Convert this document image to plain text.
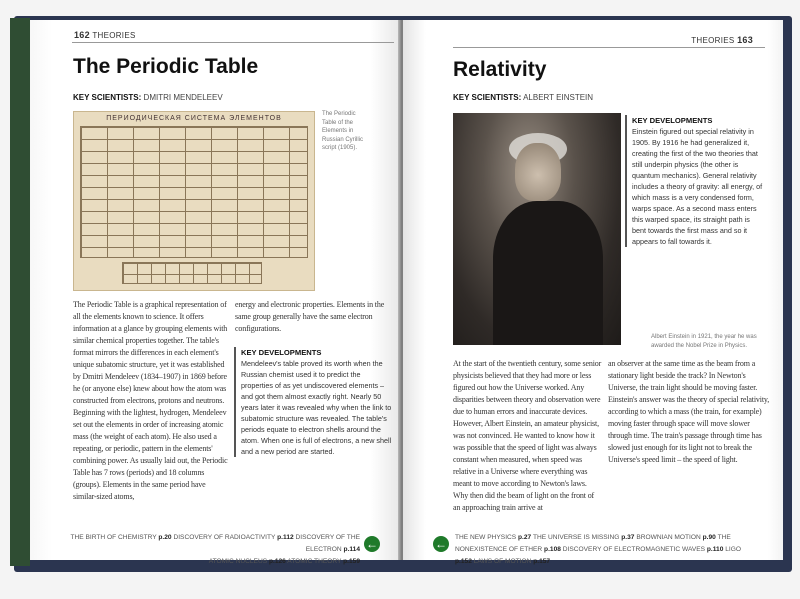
162 THEORIES
The Periodic Table
KEY SCIENTISTS: DMITRI MENDELEEV
ПЕРИОДИЧЕСКАЯ СИСТЕМА ЭЛЕМЕНТОВ
The Periodic Table of the Elements in Russian Cyrillic script (1905).
The Periodic Table is a graphical representation of all the elements known to science. It offers information at a glance by grouping elements with similar chemical properties together. The table's format mirrors the differences in each element's unique subatomic structure, yet it was established by Dmitri Mendeleev (1834–1907) in 1869 before he (or anyone else) knew about how the atom was constructed from electrons, protons and neutrons. Beginning with the lightest, hydrogen, Mendeleev set out the elements in order of increasing atomic mass (the weight of each atom). He also used a repeating, or periodic, pattern in the elements' combining power. As usually laid out, the Periodic Table has 7 rows (periods) and 18 columns (groups). Elements in the same period have similar-sized atoms,
energy and electronic properties. Elements in the same group generally have the same electron configurations.
KEY DEVELOPMENTS
Mendeleev's table proved its worth when the Russian chemist used it to predict the properties of as yet undiscovered elements – and got them almost exactly right. Nearly 50 years later it was revealed why when the link to subatomic structure was revealed. The table's periods equate to electron shells around the atom. When one is full of electrons, a new shell and a new period are started.
THE BIRTH OF CHEMISTRY p.20 DISCOVERY OF RADIOACTIVITY p.112 DISCOVERY OF THE ELECTRON p.114
ATOMIC NUCLEUS p.126 ATOMIC THEORY p.159
←
THEORIES 163
Relativity
KEY SCIENTISTS: ALBERT EINSTEIN
KEY DEVELOPMENTS
Einstein figured out special relativity in 1905. By 1916 he had generalized it, creating the first of the two theories that still underpin physics (the other is quantum mechanics). General relativity includes a theory of gravity: all energy, of which mass is a very condensed form, warps space. As a second mass enters this warped space, its straight path is bent towards the first mass and so it appears to fall towards it.
Albert Einstein in 1921, the year he was awarded the Nobel Prize in Physics.
At the start of the twentieth century, some senior physicists believed that they had more or less figured out how the Universe worked. Any disparities between theory and observation were due to human errors and inaccurate devices. However, Albert Einstein, an amateur physicist, was not convinced. He wanted to know how it was possible that the speed of light was always constant when measured, when speed was relative in a Universe where everything was meant to move according to Newton's laws. Why then did the beam of light on the front of an approaching train arrive at
an observer at the same time as the beam from a stationary light beside the track? In Newton's Universe, the train light should be moving faster. Einstein's answer was the theory of special relativity, according to which a mass (the train, for example) moving faster through space will move slower through time. The train's passage through time has slowed just enough for its light not to break the Universe's speed limit – the speed of light.
←	THE NEW PHYSICS p.27 THE UNIVERSE IS MISSING p.37 BROWNIAN MOTION p.90 THE NONEXISTENCE OF ETHER p.108 DISCOVERY OF ELECTROMAGNETIC WAVES p.110 LIGO p.152 LAWS OF MOTION p.157
